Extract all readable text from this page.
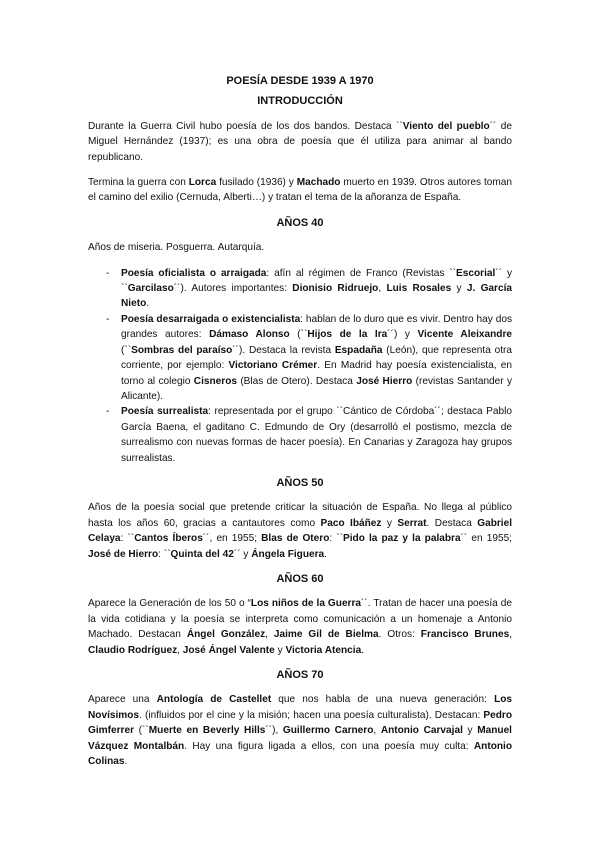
POESÍA DESDE 1939 A 1970
INTRODUCCIÓN

Durante la Guerra Civil hubo poesía de los dos bandos. Destaca ``Viento del pueblo´´ de Miguel Hernández (1937); es una obra de poesía que él utiliza para animar al bando republicano.

Termina la guerra con Lorca fusilado (1936) y Machado muerto en 1939. Otros autores toman el camino del exilio (Cernuda, Alberti…) y tratan el tema de la añoranza de España.

AÑOS 40

Años de miseria. Posguerra. Autarquía.

- Poesía oficialista o arraigada: afín al régimen de Franco (Revistas ``Escorial´´ y ``Garcilaso´´). Autores importantes: Dionisio Ridruejo, Luis Rosales y J. García Nieto.
- Poesía desarraigada o existencialista: hablan de lo duro que es vivir. Dentro hay dos grandes autores: Dámaso Alonso (``Hijos de la Ira´´) y Vicente Aleixandre (``Sombras del paraíso´´). Destaca la revista Espadaña (León), que representa otra corriente, por ejemplo: Victoriano Crémer. En Madrid hay poesía existencialista, en torno al colegio Cisneros (Blas de Otero). Destaca José Hierro (revistas Santander y Alicante).
- Poesía surrealista: representada por el grupo ``Cántico de Córdoba´´; destaca Pablo García Baena, el gaditano C. Edmundo de Ory (desarrolló el postismo, mezcla de surrealismo con nuevas formas de hacer poesía). En Canarias y Zaragoza hay grupos surrealistas.
AÑOS 50

Años de la poesía social que pretende criticar la situación de España. No llega al público hasta los años 60, gracias a cantautores como Paco Ibáñez y Serrat. Destaca Gabriel Celaya: ``Cantos Íberos´´, en 1955; Blas de Otero: ``Pido la paz y la palabra´´ en 1955; José de Hierro: ``Quinta del 42´´ y Ángela Figuera.

AÑOS 60

Aparece la Generación de los 50 o “Los niños de la Guerra´´. Tratan de hacer una poesía de la vida cotidiana y la poesía se interpreta como comunicación a un homenaje a Antonio Machado. Destacan Ángel González, Jaime Gil de Bielma. Otros: Francisco Brunes, Claudio Rodríguez, José Ángel Valente y Victoria Atencia.

AÑOS 70

Aparece una Antología de Castellet que nos habla de una nueva generación: Los Novísimos. (influidos por el cine y la misión; hacen una poesía culturalista). Destacan: Pedro Gimferrer (``Muerte en Beverly Hills´´), Guillermo Carnero, Antonio Carvajal y Manuel Vázquez Montalbán. Hay una figura ligada a ellos, con una poesía muy culta: Antonio Colinas.
